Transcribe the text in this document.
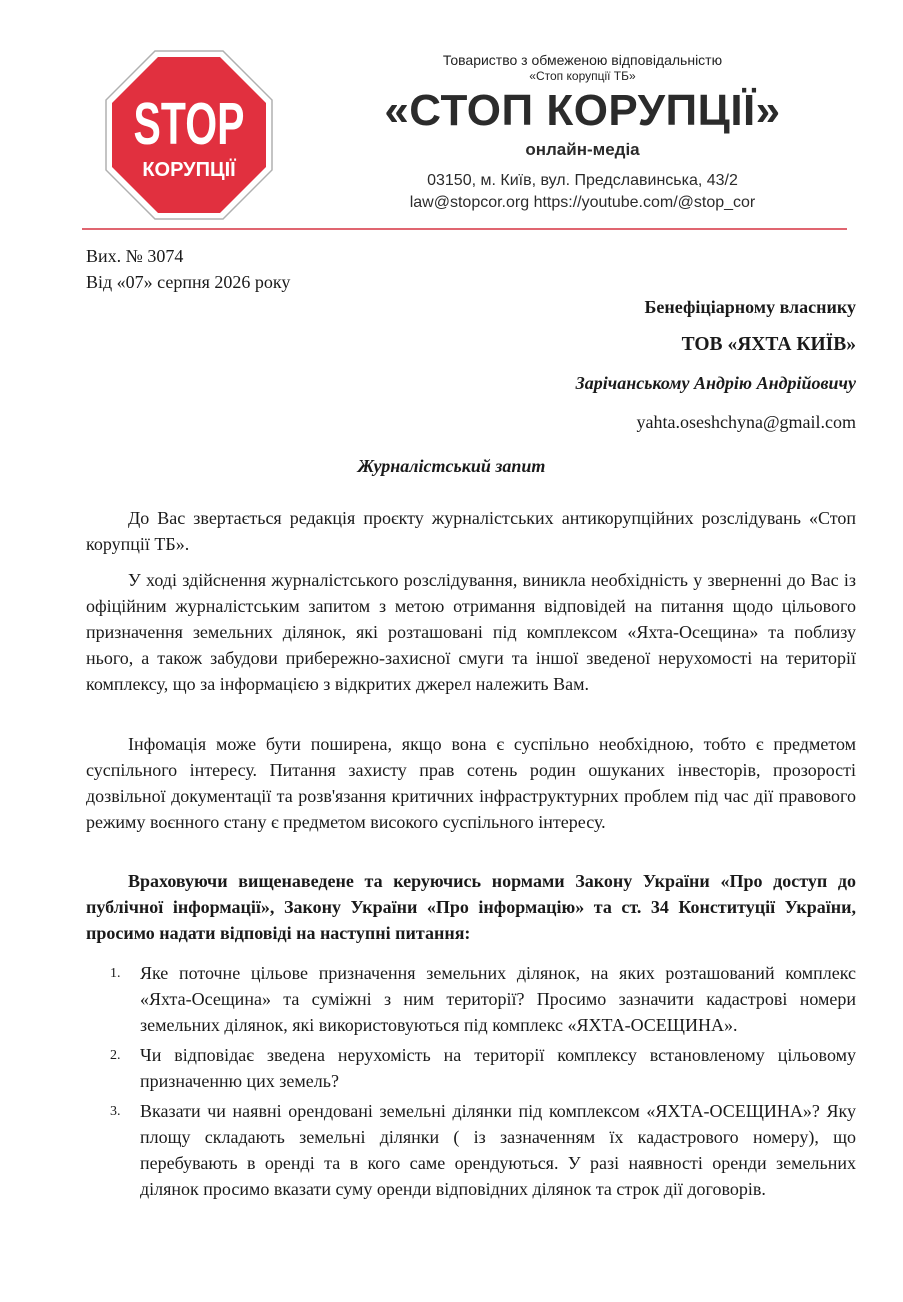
STOP
КОРУПЦІЇ
Товариство з обмеженою відповідальністю
«Стоп корупції ТБ»
«СТОП КОРУПЦІЇ»
онлайн-медіа
03150, м. Київ, вул. Предславинська, 43/2
law@stopcor.org https://youtube.com/@stop_cor
Вих. № 3074
Від «07» серпня 2026 року
Бенефіціарному власнику
ТОВ «ЯХТА КИЇВ»
Зарічанському Андрію Андрійовичу
yahta.oseshchyna@gmail.com
Журналістський запит
До Вас звертається редакція проєкту журналістських антикорупційних розслідувань «Стоп корупції ТБ».
У ході здійснення журналістського розслідування, виникла необхідність у зверненні до Вас із офіційним журналістським запитом з метою отримання відповідей на питання щодо цільового призначення земельних ділянок, які розташовані під комплексом «Яхта-Осещина» та поблизу нього, а також забудови прибережно-захисної смуги та іншої зведеної нерухомості на території комплексу, що за інформацією з відкритих джерел належить Вам.
Інфомація може бути поширена, якщо вона є суспільно необхідною, тобто є предметом суспільного інтересу. Питання захисту прав сотень родин ошуканих інвесторів, прозорості дозвільної документації та розв'язання критичних інфраструктурних проблем під час дії правового режиму воєнного стану є предметом високого суспільного інтересу.
Враховуючи вищенаведене та керуючись нормами Закону України «Про доступ до публічної інформації», Закону України «Про інформацію» та ст. 34 Конституції України, просимо надати відповіді на наступні питання:
1. Яке поточне цільове призначення земельних ділянок, на яких розташований комплекс «Яхта-Осещина» та суміжні з ним території? Просимо зазначити кадастрові номери земельних ділянок, які використовуються під комплекс «ЯХТА-ОСЕЩИНА».
2. Чи відповідає зведена нерухомість на території комплексу встановленому цільовому призначенню цих земель?
3. Вказати чи наявні орендовані земельні ділянки під комплексом «ЯХТА-ОСЕЩИНА»? Яку площу складають земельні ділянки ( із зазначенням їх кадастрового номеру), що перебувають в оренді та в кого саме орендуються. У разі наявності оренди земельних ділянок просимо вказати суму оренди відповідних ділянок та строк дії договорів.
